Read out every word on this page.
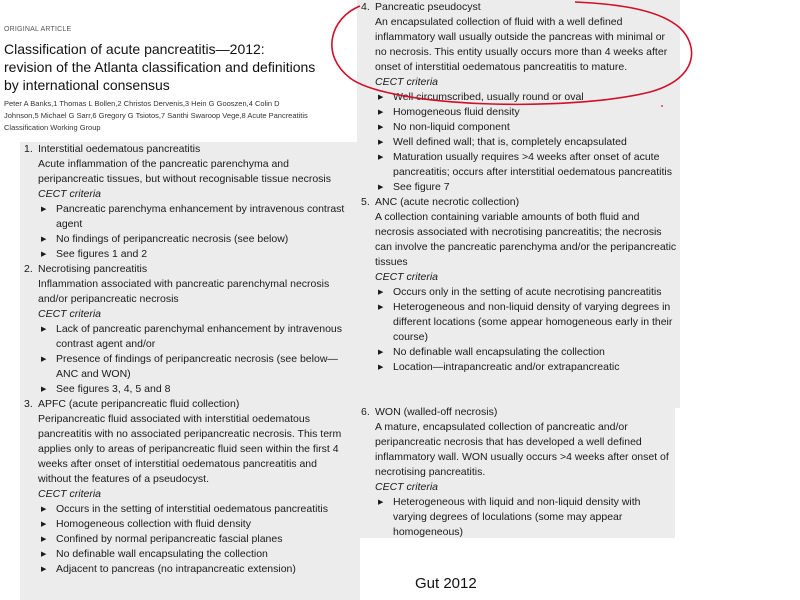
ORIGINAL ARTICLE
Classification of acute pancreatitis—2012: revision of the Atlanta classification and definitions by international consensus
Peter A Banks,1 Thomas L Bollen,2 Christos Dervenis,3 Hein G Gooszen,4 Colin D Johnson,5 Michael G Sarr,6 Gregory G Tsiotos,7 Santhi Swaroop Vege,8 Acute Pancreatitis Classification Working Group
1. Interstitial oedematous pancreatitis

Acute inflammation of the pancreatic parenchyma and peripancreatic tissues, but without recognisable tissue necrosis

CECT criteria

▶ Pancreatic parenchyma enhancement by intravenous contrast agent
▶ No findings of peripancreatic necrosis (see below)
▶ See figures 1 and 2
2. Necrotising pancreatitis

Inflammation associated with pancreatic parenchymal necrosis and/or peripancreatic necrosis

CECT criteria

▶ Lack of pancreatic parenchymal enhancement by intravenous contrast agent and/or
▶ Presence of findings of peripancreatic necrosis (see below—ANC and WON)
▶ See figures 3, 4, 5 and 8
3. APFC (acute peripancreatic fluid collection)

Peripancreatic fluid associated with interstitial oedematous pancreatitis with no associated peripancreatic necrosis. This term applies only to areas of peripancreatic fluid seen within the first 4 weeks after onset of interstitial oedematous pancreatitis and without the features of a pseudocyst.

CECT criteria

▶ Occurs in the setting of interstitial oedematous pancreatitis
▶ Homogeneous collection with fluid density
▶ Confined by normal peripancreatic fascial planes
▶ No definable wall encapsulating the collection
▶ Adjacent to pancreas (no intrapancreatic extension)
4. Pancreatic pseudocyst

An encapsulated collection of fluid with a well defined inflammatory wall usually outside the pancreas with minimal or no necrosis. This entity usually occurs more than 4 weeks after onset of interstitial oedematous pancreatitis to mature.

CECT criteria

▶ Well circumscribed, usually round or oval
▶ Homogeneous fluid density
▶ No non-liquid component
▶ Well defined wall; that is, completely encapsulated
▶ Maturation usually requires >4 weeks after onset of acute pancreatitis; occurs after interstitial oedematous pancreatitis
▶ See figure 7
5. ANC (acute necrotic collection)

A collection containing variable amounts of both fluid and necrosis associated with necrotising pancreatitis; the necrosis can involve the pancreatic parenchyma and/or the peripancreatic tissues

CECT criteria

▶ Occurs only in the setting of acute necrotising pancreatitis
▶ Heterogeneous and non-liquid density of varying degrees in different locations (some appear homogeneous early in their course)
▶ No definable wall encapsulating the collection
▶ Location—intrapancreatic and/or extrapancreatic
6. WON (walled-off necrosis)

A mature, encapsulated collection of pancreatic and/or peripancreatic necrosis that has developed a well defined inflammatory wall. WON usually occurs >4 weeks after onset of necrotising pancreatitis.

CECT criteria

▶ Heterogeneous with liquid and non-liquid density with varying degrees of loculations (some may appear homogeneous)
Gut 2012
